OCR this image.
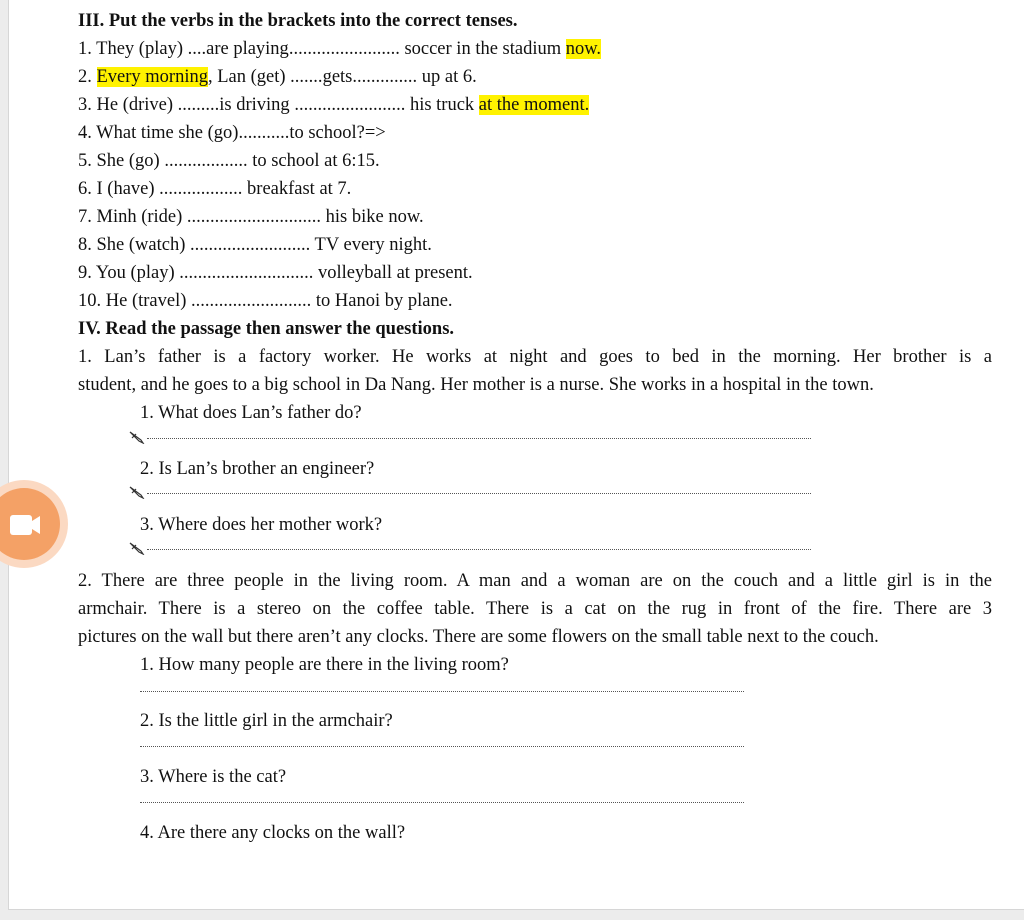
III. Put the verbs in the brackets into the correct tenses.
1. They (play) ....are playing........................ soccer in the stadium now.
2. Every morning, Lan (get) .......gets.............. up at 6.
3. He (drive) .........is driving ........................ his truck at the moment.
4. What time she (go)...........to school?=>
5. She (go) .................. to school at 6:15.
6. I (have) .................. breakfast at 7.
7. Minh (ride) ............................. his bike now.
8. She (watch) .......................... TV every night.
9. You (play) ............................. volleyball at present.
10. He (travel) .......................... to Hanoi by plane.
IV. Read the passage then answer the questions.
1. Lan’s father is a factory worker. He works at night and goes to bed in the morning. Her brother is a
student, and he goes to a big school in Da Nang. Her mother is a nurse. She works in a hospital in the town.
1. What does Lan’s father do?
2. Is Lan’s brother an engineer?
3. Where does her mother work?
2. There are three people in the living room. A man and a woman are on the couch and a little girl is in the
armchair. There is a stereo on the coffee table. There is a cat on the rug in front of the fire. There are 3
pictures on the wall but there aren’t any clocks. There are some flowers on the small table next to the couch.
1. How many people are there in the living room?
2. Is the little girl in the armchair?
3. Where is the cat?
4. Are there any clocks on the wall?
